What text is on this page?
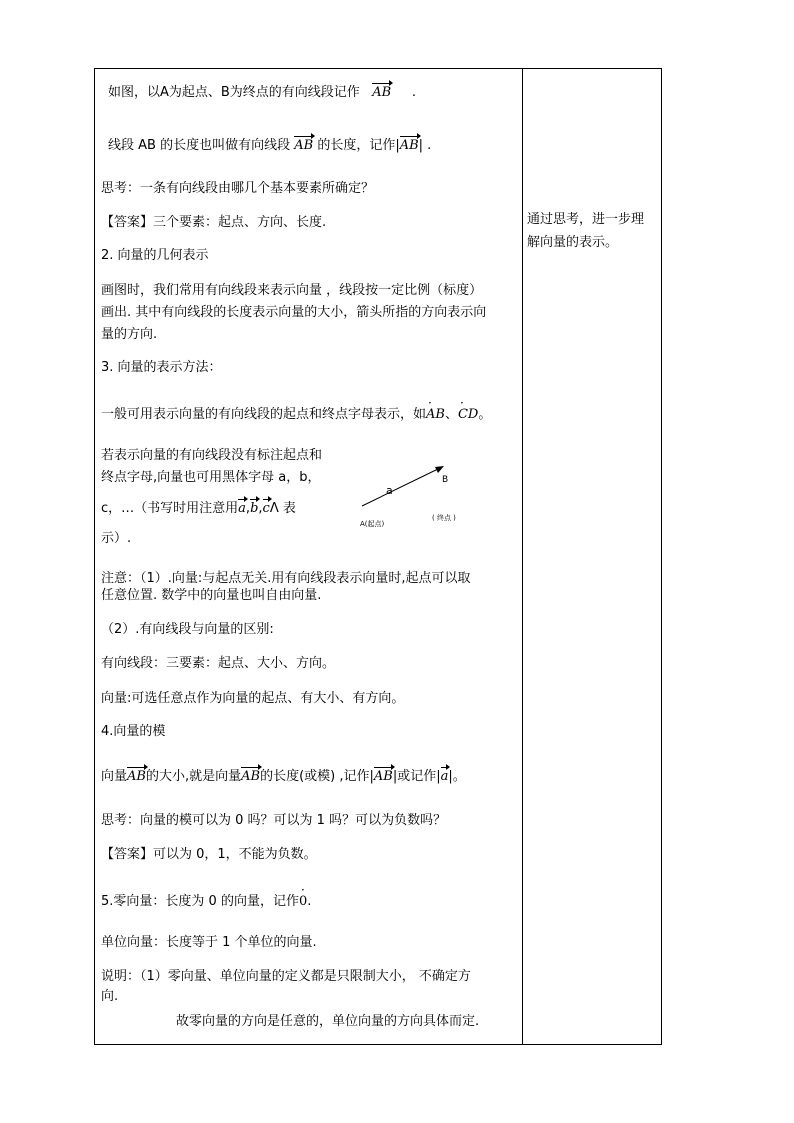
如图，以A为起点、B为终点的有向线段记作 AB .
线段 AB 的长度也叫做有向线段 AB 的长度，记作|AB| .
思考：一条有向线段由哪几个基本要素所确定？
【答案】三个要素：起点、方向、长度.
2. 向量的几何表示
画图时，我们常用有向线段来表示向量 ，线段按一定比例（标度）
画出. 其中有向线段的长度表示向量的大小，箭头所指的方向表示向
量的方向.
3. 向量的表示方法：
一般可用表示向量的有向线段的起点和终点字母表示，如· AB、· CD。
若表示向量的有向线段没有标注起点和
终点字母,向量也可用黑体字母 a，b，
c，…（书写时用注意用a,b,cΛ 表
示）.
a
B
A(起点)
( 终点 )
注意：（1）.向量:与起点无关.用有向线段表示向量时,起点可以取
任意位置. 数学中的向量也叫自由向量.
（2）.有向线段与向量的区别:
有向线段：三要素：起点、大小、方向。
向量:可选任意点作为向量的起点、有大小、有方向。
4.向量的模
向量AB的大小,就是向量AB的长度(或模) ,记作|AB|或记作|a|。
思考：向量的模可以为 0 吗？可以为 1 吗？可以为负数吗？
【答案】可以为 0，1，不能为负数。
5.零向量：长度为 0 的向量，记作· 0.
单位向量：长度等于 1 个单位的向量.
说明：（1）零向量、单位向量的定义都是只限制大小， 不确定方
向.
故零向量的方向是任意的，单位向量的方向具体而定.
通过思考，进一步理
解向量的表示。
